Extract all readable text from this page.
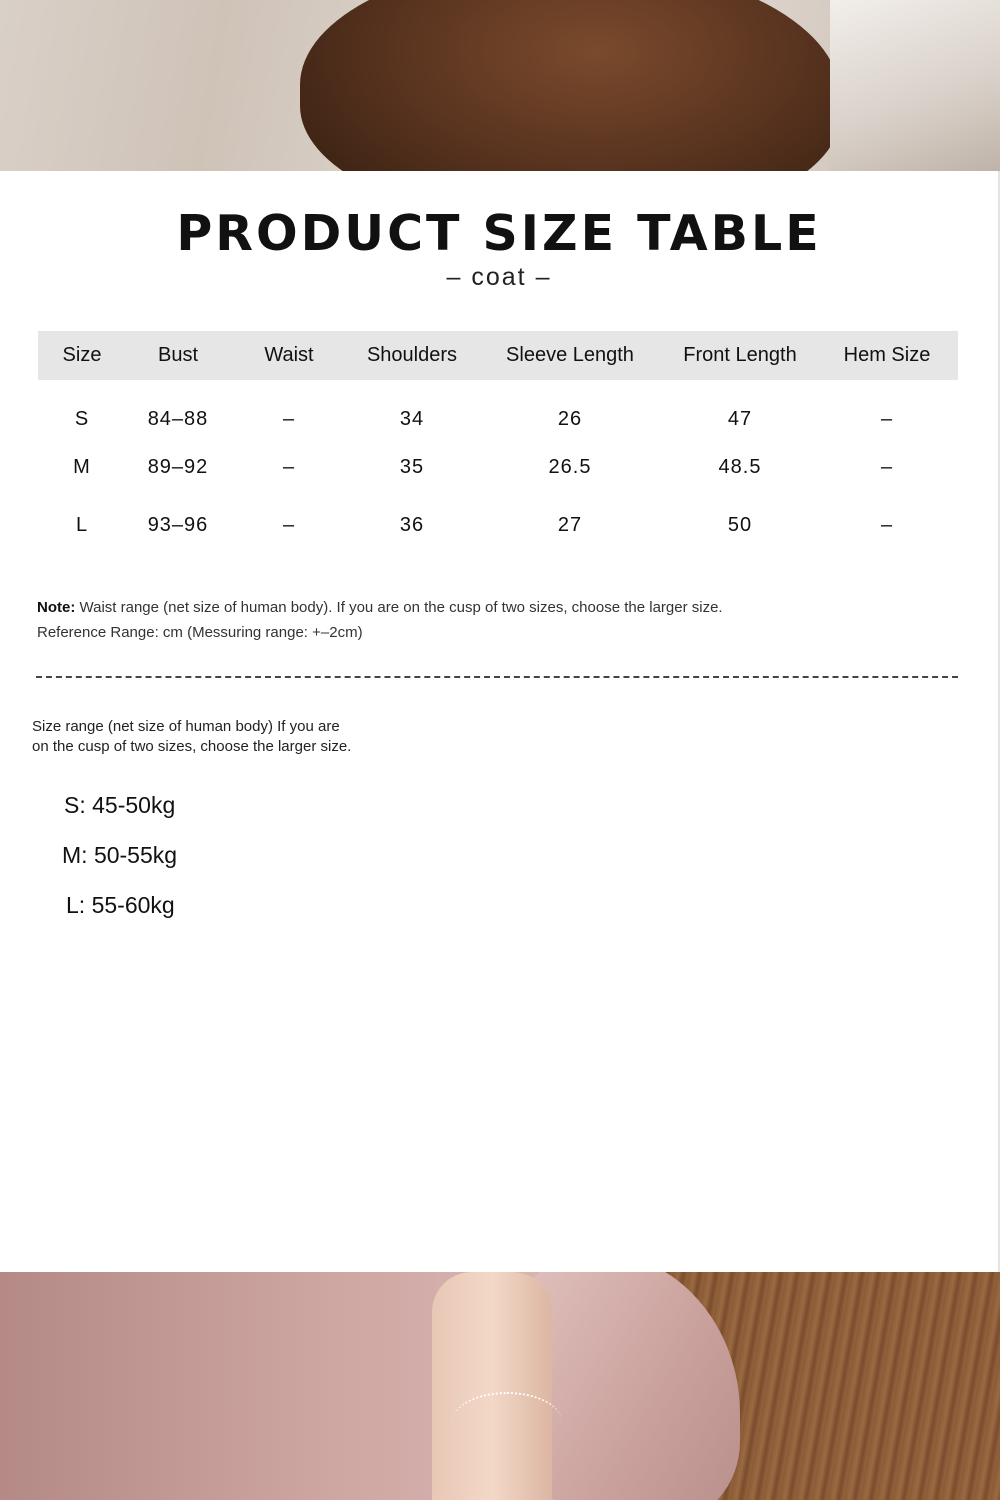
PRODUCT SIZE TABLE
– coat –
Size	Bust	Waist	Shoulders	Sleeve Length	Front Length	Hem Size
S	84–88	–	34	26	47	–
M	89–92	–	35	26.5	48.5	–
L	93–96	–	36	27	50	–
Note: Waist range (net size of human body). If you are on the cusp of two sizes, choose the larger size.
Reference Range: cm (Messuring range: +–2cm)
Size range (net size of human body) If you are
on the cusp of two sizes, choose the larger size.
S: 45-50kg
M: 50-55kg
L: 55-60kg
